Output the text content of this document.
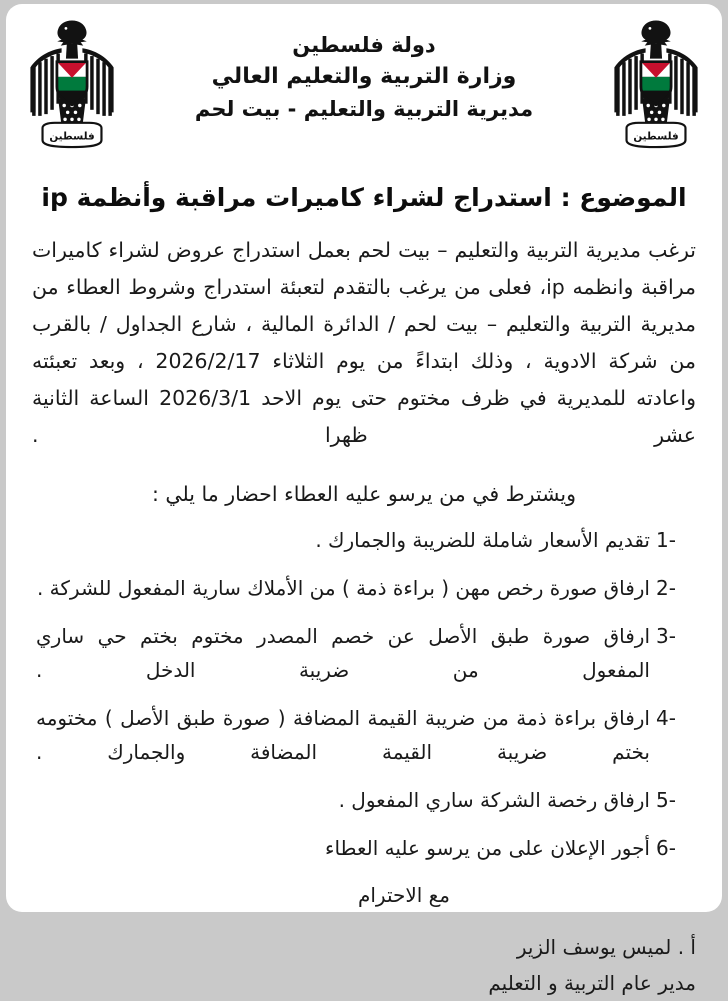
فلسطين
دولة فلسطين
وزارة التربية والتعليم العالي
مديرية التربية والتعليم - بيت لحم
فلسطين
الموضوع : استدراج لشراء كاميرات مراقبة وأنظمة ip
ترغب مديرية التربية والتعليم – بيت لحم بعمل استدراج عروض لشراء كاميرات مراقبة وانظمه ip، فعلى من يرغب بالتقدم لتعبئة استدراج وشروط العطاء من مديرية التربية والتعليم – بيت لحم / الدائرة المالية ، شارع الجداول / بالقرب من شركة الادوية ، وذلك ابتداءً من يوم الثلاثاء 2026/2/17 ، وبعد تعبئته واعادته للمديرية في ظرف مختوم حتى يوم الاحد 2026/3/1 الساعة الثانية عشر ظهرا .
ويشترط في من يرسو عليه العطاء احضار ما يلي :
1-
تقديم الأسعار شاملة للضريبة والجمارك .
2-
ارفاق صورة رخص مهن ( براءة ذمة ) من الأملاك سارية المفعول للشركة .
3-
ارفاق صورة طبق الأصل عن خصم المصدر مختوم بختم حي ساري المفعول من ضريبة الدخل .
4-
ارفاق براءة ذمة من ضريبة القيمة المضافة ( صورة طبق الأصل ) مختومه بختم ضريبة القيمة المضافة والجمارك .
5-
ارفاق رخصة الشركة ساري المفعول .
6-
أجور الإعلان على من يرسو عليه العطاء
مع الاحترام
أ . لميس يوسف الزير
مدير عام التربية و التعليم
